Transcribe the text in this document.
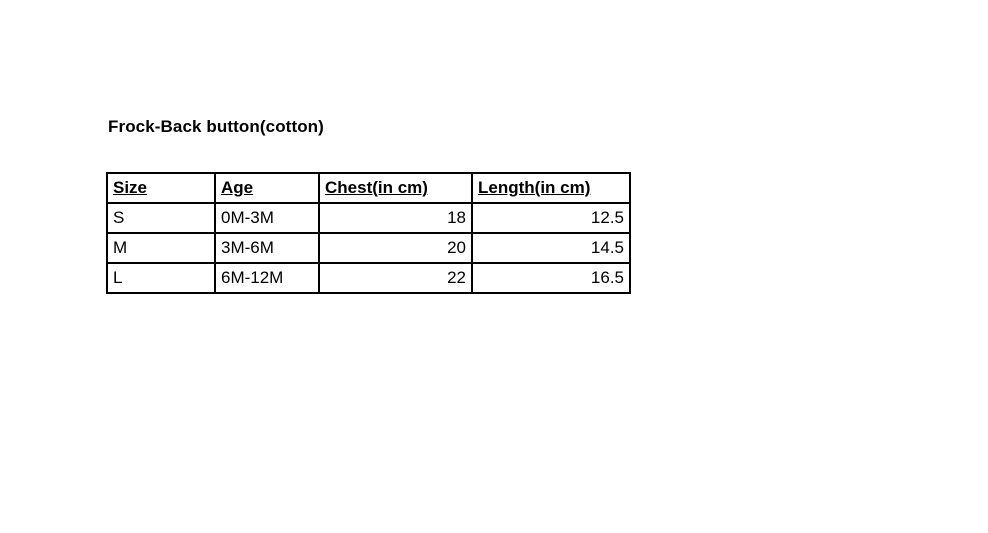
Frock-Back button(cotton)
Size	Age	Chest(in cm)	Length(in cm)
S	0M-3M	18	12.5
M	3M-6M	20	14.5
L	6M-12M	22	16.5
